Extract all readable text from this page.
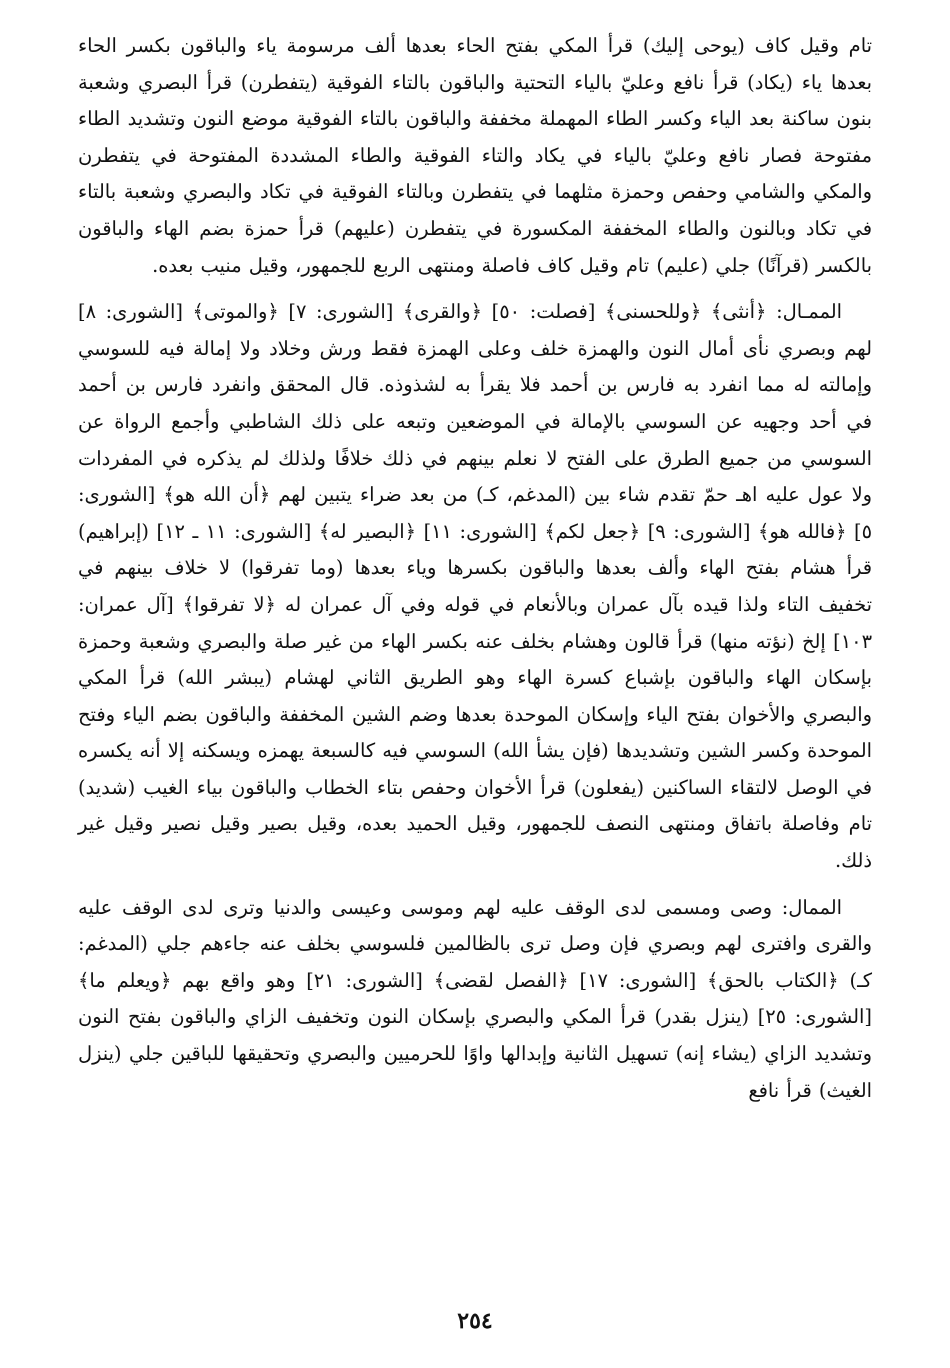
تام وقيل كاف (يوحى إليك) قرأ المكي بفتح الحاء بعدها ألف مرسومة ياء والباقون بكسر الحاء بعدها ياء (يكاد) قرأ نافع وعليّ بالياء التحتية والباقون بالتاء الفوقية (يتفطرن) قرأ البصري وشعبة بنون ساكنة بعد الياء وكسر الطاء المهملة مخففة والباقون بالتاء الفوقية موضع النون وتشديد الطاء مفتوحة فصار نافع وعليّ بالياء في يكاد والتاء الفوقية والطاء المشددة المفتوحة في يتفطرن والمكي والشامي وحفص وحمزة مثلهما في يتفطرن وبالتاء الفوقية في تكاد والبصري وشعبة بالتاء في تكاد وبالنون والطاء المخففة المكسورة في يتفطرن (عليهم) قرأ حمزة بضم الهاء والباقون بالكسر (قرآنًا) جلي (عليم) تام وقيل كاف فاصلة ومنتهى الربع للجمهور، وقيل منيب بعده.

الممـال: ﴿أنثى﴾ ﴿وللحسنى﴾ [فصلت: ٥٠] ﴿والقرى﴾ [الشورى: ٧] ﴿والموتى﴾ [الشورى: ٨] لهم وبصري نأى أمال النون والهمزة خلف وعلى الهمزة فقط ورش وخلاد ولا إمالة فيه للسوسي وإمالته له مما انفرد به فارس بن أحمد فلا يقرأ به لشذوذه. قال المحقق وانفرد فارس بن أحمد في أحد وجهيه عن السوسي بالإمالة في الموضعين وتبعه على ذلك الشاطبي وأجمع الرواة عن السوسي من جميع الطرق على الفتح لا نعلم بينهم في ذلك خلافًا ولذلك لم يذكره في المفردات ولا عول عليه اهـ حمّ تقدم شاء بين (المدغم، كـ) من بعد ضراء يتبين لهم ﴿أن الله هو﴾ [الشورى: ٥] ﴿فالله هو﴾ [الشورى: ٩] ﴿جعل لكم﴾ [الشورى: ١١] ﴿البصير له﴾ [الشورى: ١١ ـ ١٢] (إبراهيم) قرأ هشام بفتح الهاء وألف بعدها والباقون بكسرها وياء بعدها (وما تفرقوا) لا خلاف بينهم في تخفيف التاء ولذا قيده بآل عمران وبالأنعام في قوله وفي آل عمران له ﴿لا تفرقوا﴾ [آل عمران: ١٠٣] إلخ (نؤته منها) قرأ قالون وهشام بخلف عنه بكسر الهاء من غير صلة والبصري وشعبة وحمزة بإسكان الهاء والباقون بإشباع كسرة الهاء وهو الطريق الثاني لهشام (يبشر الله) قرأ المكي والبصري والأخوان بفتح الياء وإسكان الموحدة بعدها وضم الشين المخففة والباقون بضم الياء وفتح الموحدة وكسر الشين وتشديدها (فإن يشأ الله) السوسي فيه كالسبعة يهمزه ويسكنه إلا أنه يكسره في الوصل لالتقاء الساكنين (يفعلون) قرأ الأخوان وحفص بتاء الخطاب والباقون بياء الغيب (شديد) تام وفاصلة باتفاق ومنتهى النصف للجمهور، وقيل الحميد بعده، وقيل بصير وقيل نصير وقيل غير ذلك.

الممال: وصى ومسمى لدى الوقف عليه لهم وموسى وعيسى والدنيا وترى لدى الوقف عليه والقرى وافترى لهم وبصري فإن وصل ترى بالظالمين فلسوسي بخلف عنه جاءهم جلي (المدغم: كـ) ﴿الكتاب بالحق﴾ [الشورى: ١٧] ﴿الفصل لقضى﴾ [الشورى: ٢١] وهو واقع بهم ﴿ويعلم ما﴾ [الشورى: ٢٥] (ينزل بقدر) قرأ المكي والبصري بإسكان النون وتخفيف الزاي والباقون بفتح النون وتشديد الزاي (يشاء إنه) تسهيل الثانية وإبدالها واوًا للحرميين والبصري وتحقيقها للباقين جلي (ينزل الغيث) قرأ نافع

٢٥٤
